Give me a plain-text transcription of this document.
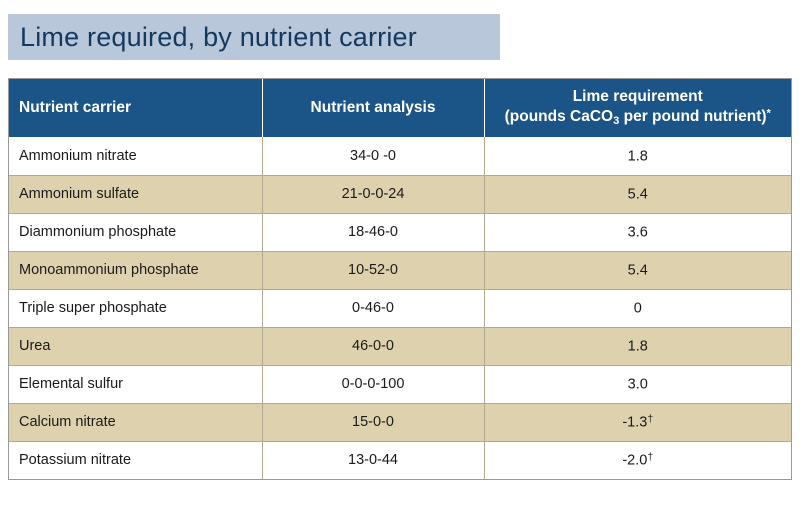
Lime required, by nutrient carrier
Nutrient carrier	Nutrient analysis	Lime requirement
(pounds CaCO$_3$ per pound nutrient)*
Ammonium nitrate	34-0 -0	1.8
Ammonium sulfate	21-0-0-24	5.4
Diammonium phosphate	18-46-0	3.6
Monoammonium phosphate	10-52-0	5.4
Triple super phosphate	0-46-0	0
Urea	46-0-0	1.8
Elemental sulfur	0-0-0-100	3.0
Calcium nitrate	15-0-0	-1.3†
Potassium nitrate	13-0-44	-2.0†
